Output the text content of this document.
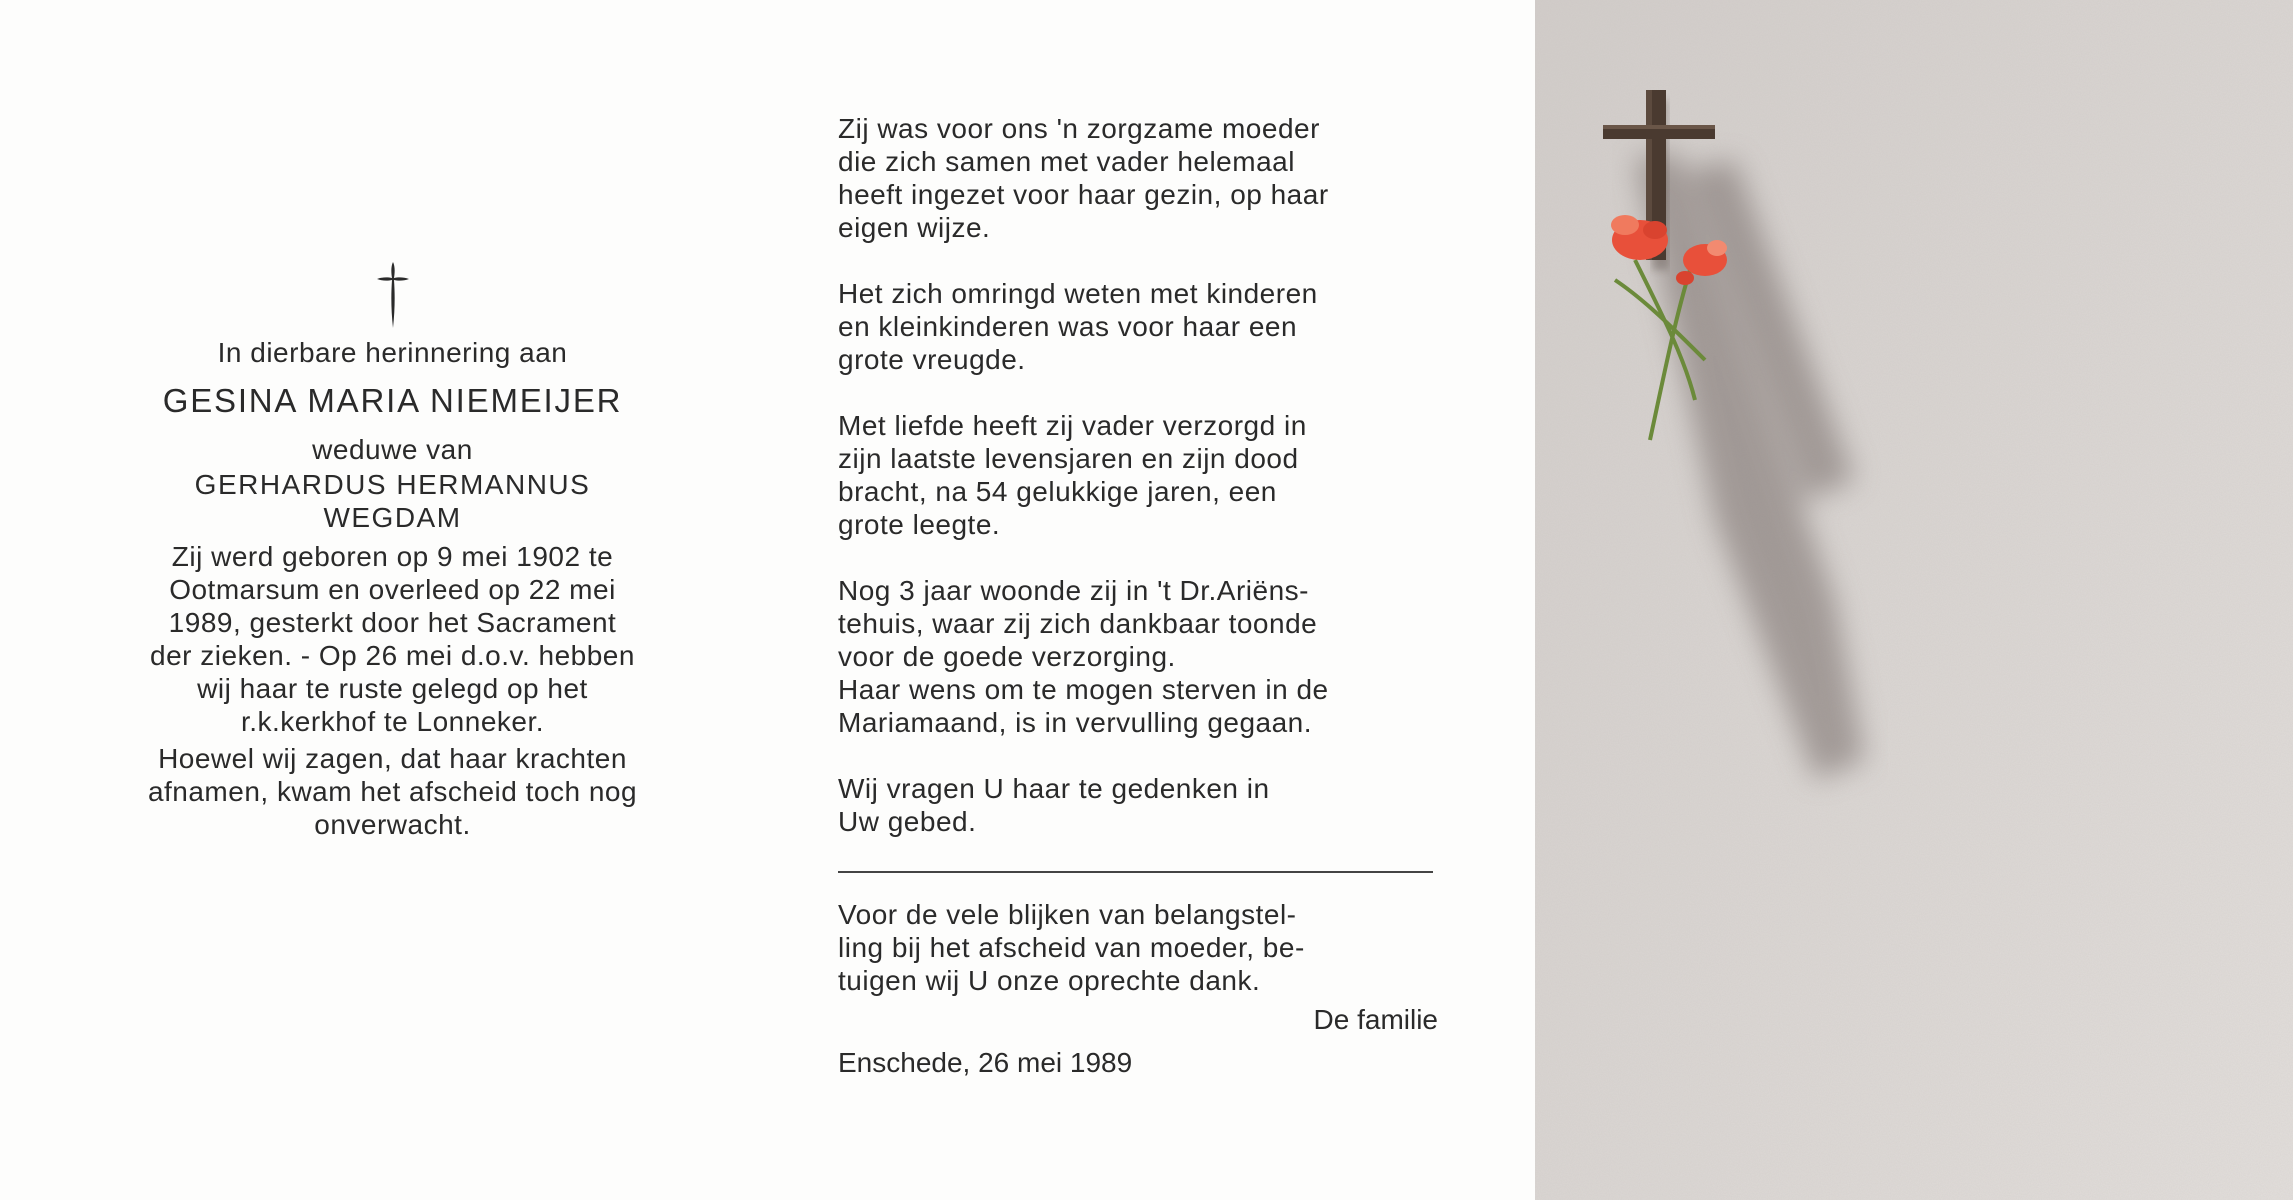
In dierbare herinnering aan
GESINA MARIA NIEMEIJER
weduwe van
GERHARDUS HERMANNUS
WEGDAM
Zij werd geboren op 9 mei 1902 te
Ootmarsum en overleed op 22 mei
1989, gesterkt door het Sacrament
der zieken. - Op 26 mei d.o.v. hebben
wij haar te ruste gelegd op het
r.k.kerkhof te Lonneker.
Hoewel wij zagen, dat haar krachten
afnamen, kwam het afscheid toch nog
onverwacht.

Zij was voor ons 'n zorgzame moeder
die zich samen met vader helemaal
heeft ingezet voor haar gezin, op haar
eigen wijze.

Het zich omringd weten met kinderen
en kleinkinderen was voor haar een
grote vreugde.

Met liefde heeft zij vader verzorgd in
zijn laatste levensjaren en zijn dood
bracht, na 54 gelukkige jaren, een
grote leegte.

Nog 3 jaar woonde zij in 't Dr.Ariëns-
tehuis, waar zij zich dankbaar toonde
voor de goede verzorging.
Haar wens om te mogen sterven in de
Mariamaand, is in vervulling gegaan.

Wij vragen U haar te gedenken in
Uw gebed.

Voor de vele blijken van belangstel-
ling bij het afscheid van moeder, be-
tuigen wij U onze oprechte dank.

De familie

Enschede, 26 mei 1989
